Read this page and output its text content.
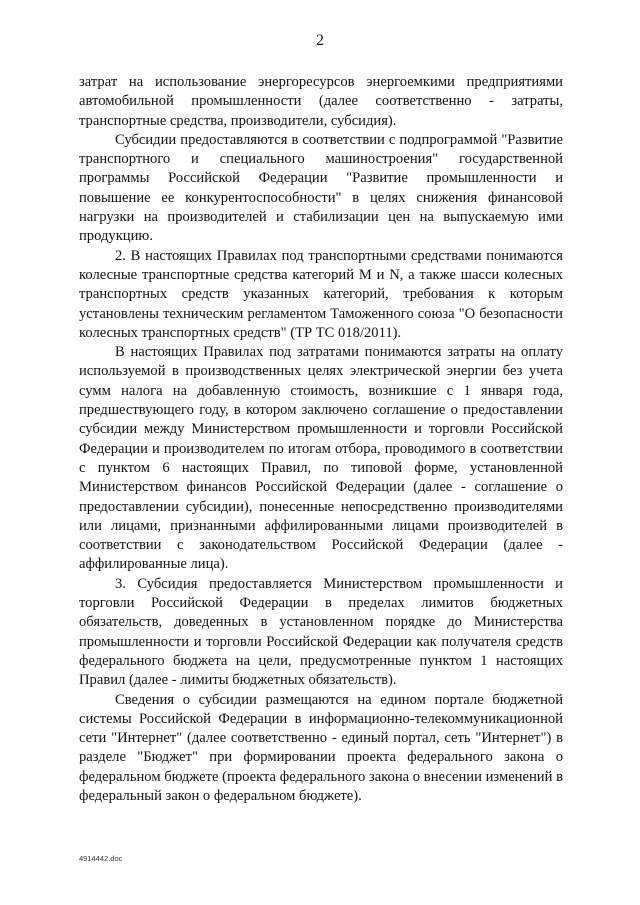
2

затрат на использование энергоресурсов энергоемкими предприятиями автомобильной промышленности (далее соответственно - затраты, транспортные средства, производители, субсидия).

Субсидии предоставляются в соответствии с подпрограммой "Развитие транспортного и специального машиностроения" государственной программы Российской Федерации "Развитие промышленности и повышение ее конкурентоспособности" в целях снижения финансовой нагрузки на производителей и стабилизации цен на выпускаемую ими продукцию.

2. В настоящих Правилах под транспортными средствами понимаются колесные транспортные средства категорий M и N, а также шасси колесных транспортных средств указанных категорий, требования к которым установлены техническим регламентом Таможенного союза "О безопасности колесных транспортных средств" (ТР ТС 018/2011).

В настоящих Правилах под затратами понимаются затраты на оплату используемой в производственных целях электрической энергии без учета сумм налога на добавленную стоимость, возникшие с 1 января года, предшествующего году, в котором заключено соглашение о предоставлении субсидии между Министерством промышленности и торговли Российской Федерации и производителем по итогам отбора, проводимого в соответствии с пунктом 6 настоящих Правил, по типовой форме, установленной Министерством финансов Российской Федерации (далее - соглашение о предоставлении субсидии), понесенные непосредственно производителями или лицами, признанными аффилированными лицами производителей в соответствии с законодательством Российской Федерации (далее - аффилированные лица).

3. Субсидия предоставляется Министерством промышленности и торговли Российской Федерации в пределах лимитов бюджетных обязательств, доведенных в установленном порядке до Министерства промышленности и торговли Российской Федерации как получателя средств федерального бюджета на цели, предусмотренные пунктом 1 настоящих Правил (далее - лимиты бюджетных обязательств).

Сведения о субсидии размещаются на едином портале бюджетной системы Российской Федерации в информационно-телекоммуникационной сети "Интернет" (далее соответственно - единый портал, сеть "Интернет") в разделе "Бюджет" при формировании проекта федерального закона о федеральном бюджете (проекта федерального закона о внесении изменений в федеральный закон о федеральном бюджете).

4914442.doc
